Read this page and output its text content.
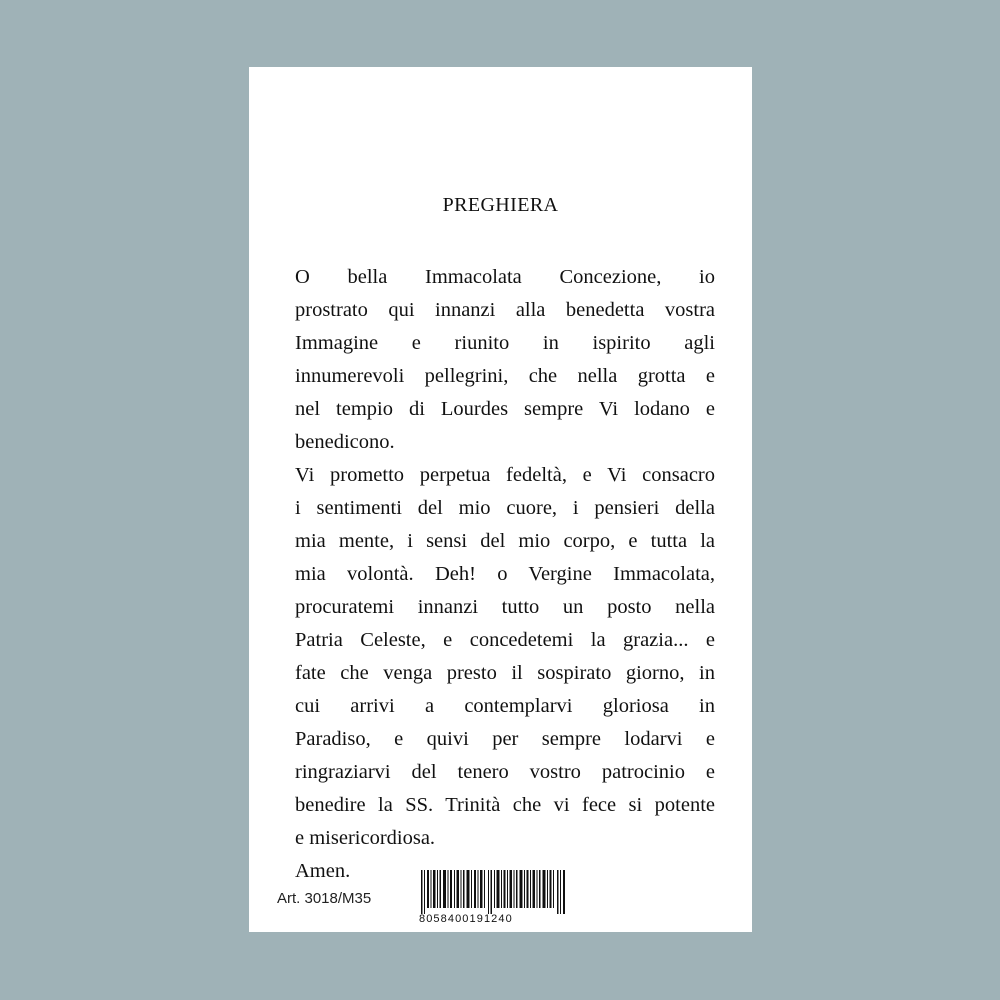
PREGHIERA
O bella Immacolata Concezione, io
prostrato qui innanzi alla benedetta vostra
Immagine e riunito in ispirito agli
innumerevoli pellegrini, che nella grotta e
nel tempio di Lourdes sempre Vi lodano e
benedicono.
Vi prometto perpetua fedeltà, e Vi consacro
i sentimenti del mio cuore, i pensieri della
mia mente, i sensi del mio corpo, e tutta la
mia volontà. Deh! o Vergine Immacolata,
procuratemi innanzi tutto un posto nella
Patria Celeste, e concedetemi la grazia... e
fate che venga presto il sospirato giorno, in
cui arrivi a contemplarvi gloriosa in
Paradiso, e quivi per sempre lodarvi e
ringraziarvi del tenero vostro patrocinio e
benedire la SS. Trinità che vi fece si potente
e misericordiosa.
Amen.
Art. 3018/M35
8058400191240
